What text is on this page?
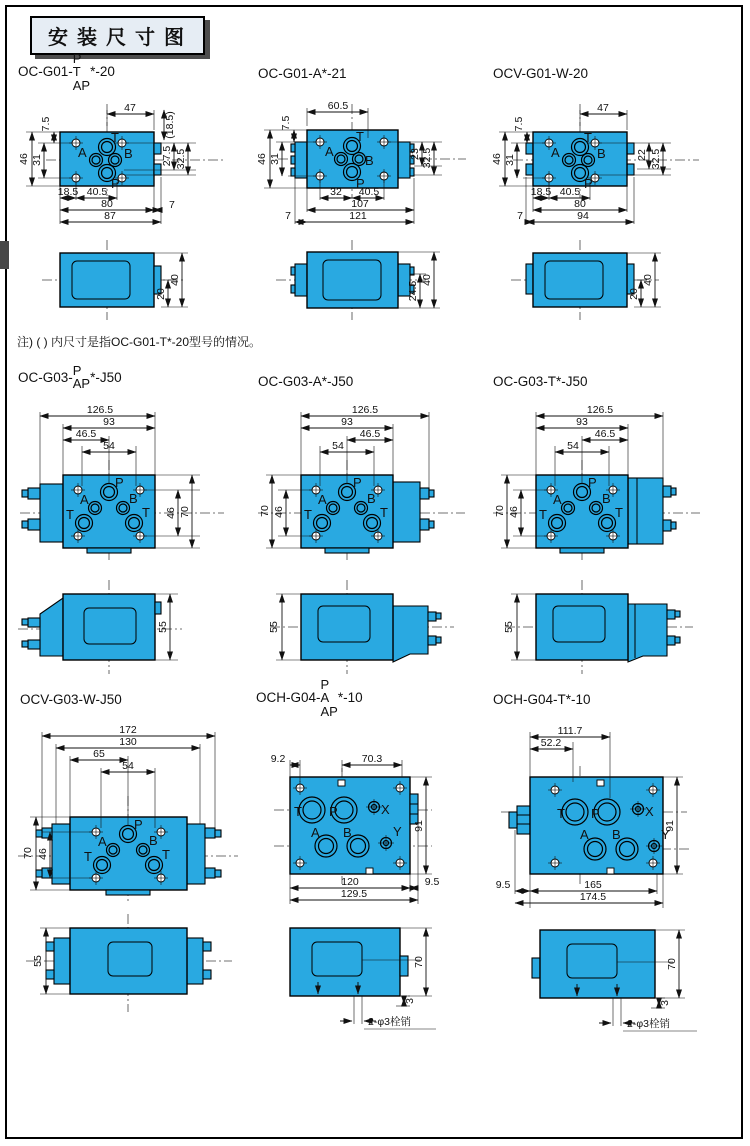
安装尺寸图
注) ( ) 内尺寸是指OC-G01-T*-20型号的情况。
OC-G01-
P
T
AP
*-20
T
A	B
P
47
(18.5)
7.5
46 31	27.5 32.5
18.5 40.5
80	7
87
20
40
OC-G01-A*-21
T
A
B
P
60.5
7.5
46 31	23 32.5
32 40.5
107
7	121
24.5
40
OCV-G01-W-20
T
A	B
P
47
7.5
46 31	22 32.5
18.5 40.5
80
7	94
20
40
OC-G03- P
AP *-J50
P
A	B
T	T
126.5
93
46.5
54
46 70
55
OC-G03-A*-J50
P
A	B
T	T
126.5
93
46.5
54
70 46
55
OC-G03-T*-J50
P
A	B
T	T
126.5
93
46.5
54
70 46
55
OCV-G03-W-J50
P
A	B
T	T
172
130
65
54
70 46
55
OCH-G04-
P
A
AP
*-10
T P	X
A B	Y
9.2	70.3
91
120	9.5
129.5
70
3
2-φ3栓销
OCH-G04-T*-10
T P	X
A B	Y
111.7
52.2
91
9.5	165
174.5
70
3
2-φ3栓销
